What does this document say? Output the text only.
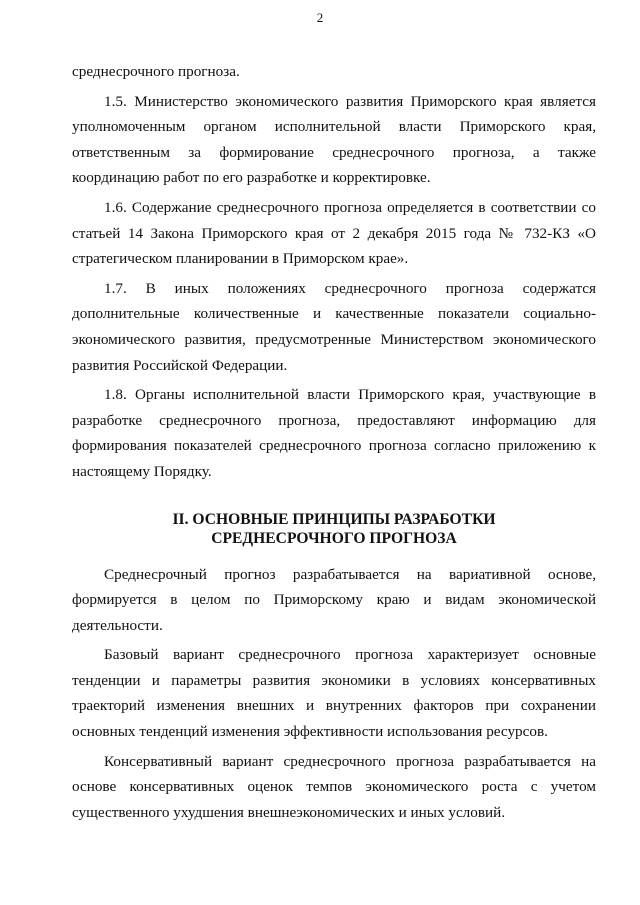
2

среднесрочного прогноза.

1.5. Министерство экономического развития Приморского края является уполномоченным органом исполнительной власти Приморского края, ответственным за формирование среднесрочного прогноза, а также координацию работ по его разработке и корректировке.

1.6. Содержание среднесрочного прогноза определяется в соответствии со статьей 14 Закона Приморского края от 2 декабря 2015 года № 732-КЗ «О стратегическом планировании в Приморском крае».

1.7. В иных положениях среднесрочного прогноза содержатся дополнительные количественные и качественные показатели социально-экономического развития, предусмотренные Министерством экономического развития Российской Федерации.

1.8. Органы исполнительной власти Приморского края, участвующие в разработке среднесрочного прогноза, предоставляют информацию для формирования показателей среднесрочного прогноза согласно приложению к настоящему Порядку.

II. ОСНОВНЫЕ ПРИНЦИПЫ РАЗРАБОТКИ
СРЕДНЕСРОЧНОГО ПРОГНОЗА

Среднесрочный прогноз разрабатывается на вариативной основе, формируется в целом по Приморскому краю и видам экономической деятельности.

Базовый вариант среднесрочного прогноза характеризует основные тенденции и параметры развития экономики в условиях консервативных траекторий изменения внешних и внутренних факторов при сохранении основных тенденций изменения эффективности использования ресурсов.

Консервативный вариант среднесрочного прогноза разрабатывается на основе консервативных оценок темпов экономического роста с учетом существенного ухудшения внешнеэкономических и иных условий.
